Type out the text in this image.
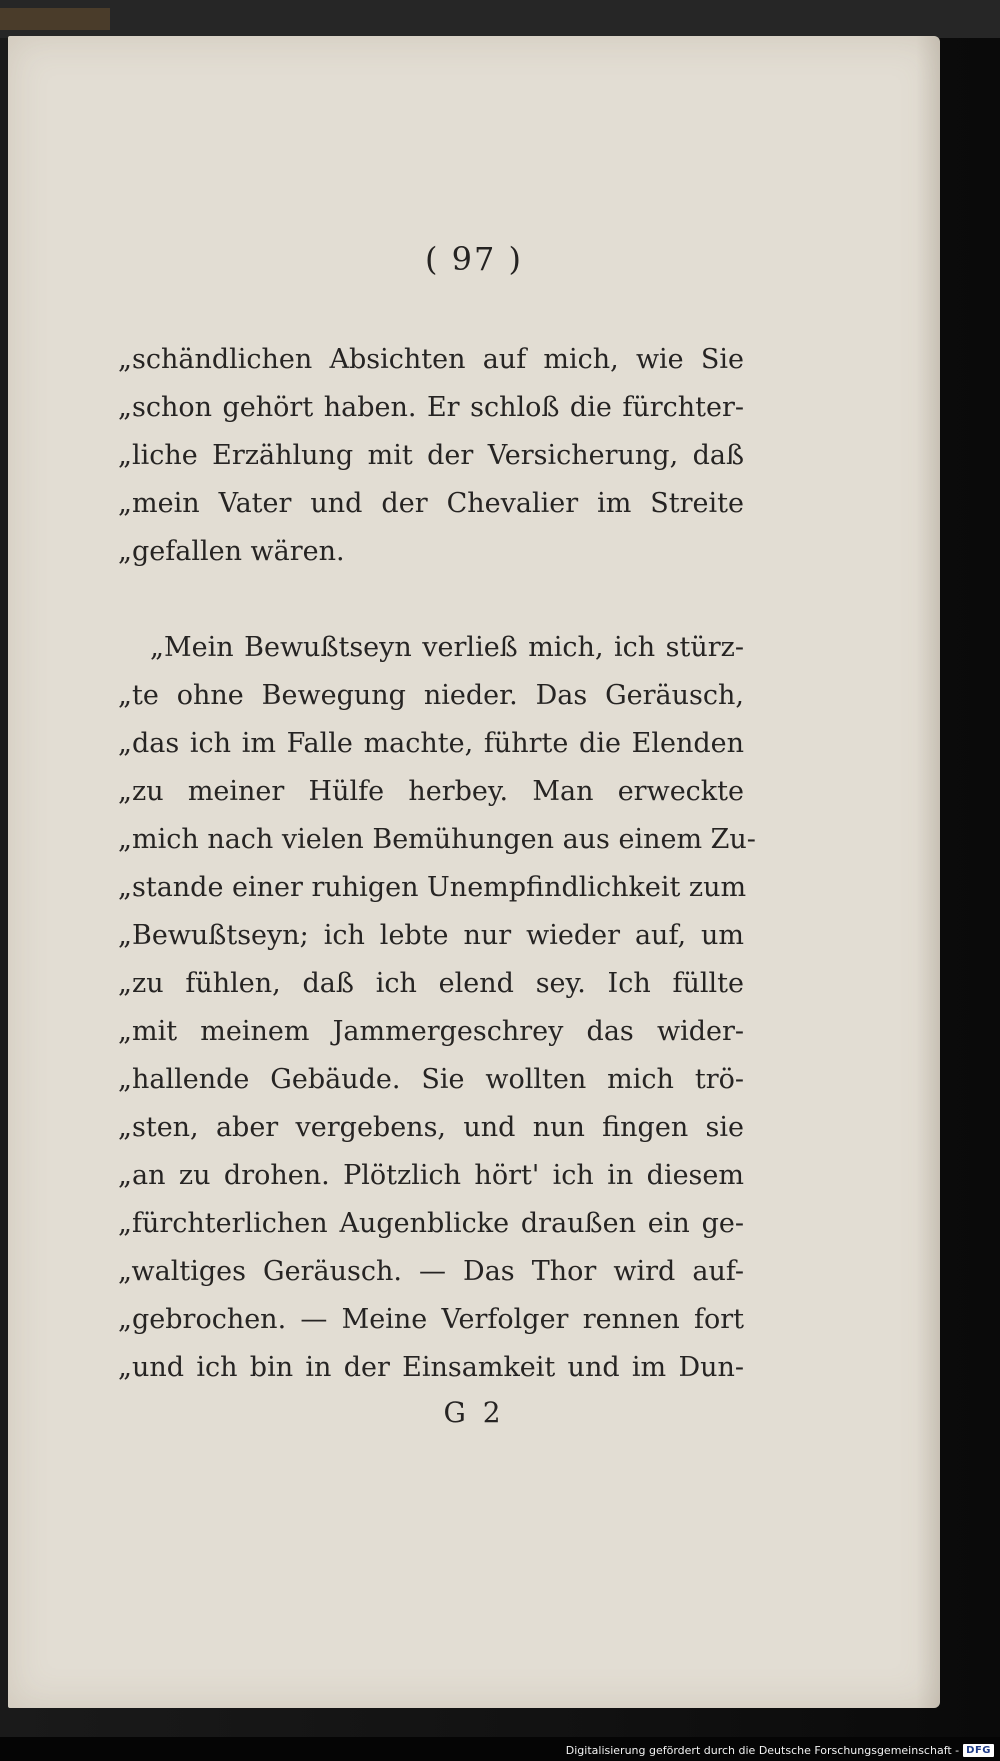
( 97 )
„schändlichen Absichten auf mich, wie Sie
„schon gehört haben. Er schloß die fürchter-
„liche Erzählung mit der Versicherung, daß
„mein Vater und der Chevalier im Streite
„gefallen wären.
„Mein Bewußtseyn verließ mich, ich stürz-
„te ohne Bewegung nieder. Das Geräusch,
„das ich im Falle machte, führte die Elenden
„zu meiner Hülfe herbey. Man erweckte
„mich nach vielen Bemühungen aus einem Zu-
„stande einer ruhigen Unempfindlichkeit zum
„Bewußtseyn; ich lebte nur wieder auf, um
„zu fühlen, daß ich elend sey. Ich füllte
„mit meinem Jammergeschrey das wider-
„hallende Gebäude. Sie wollten mich trö-
„sten, aber vergebens, und nun fingen sie
„an zu drohen. Plötzlich hört' ich in diesem
„fürchterlichen Augenblicke draußen ein ge-
„waltiges Geräusch. — Das Thor wird auf-
„gebrochen. — Meine Verfolger rennen fort
„und ich bin in der Einsamkeit und im Dun-
G 2
Digitalisierung gefördert durch die Deutsche Forschungsgemeinschaft - DFG
